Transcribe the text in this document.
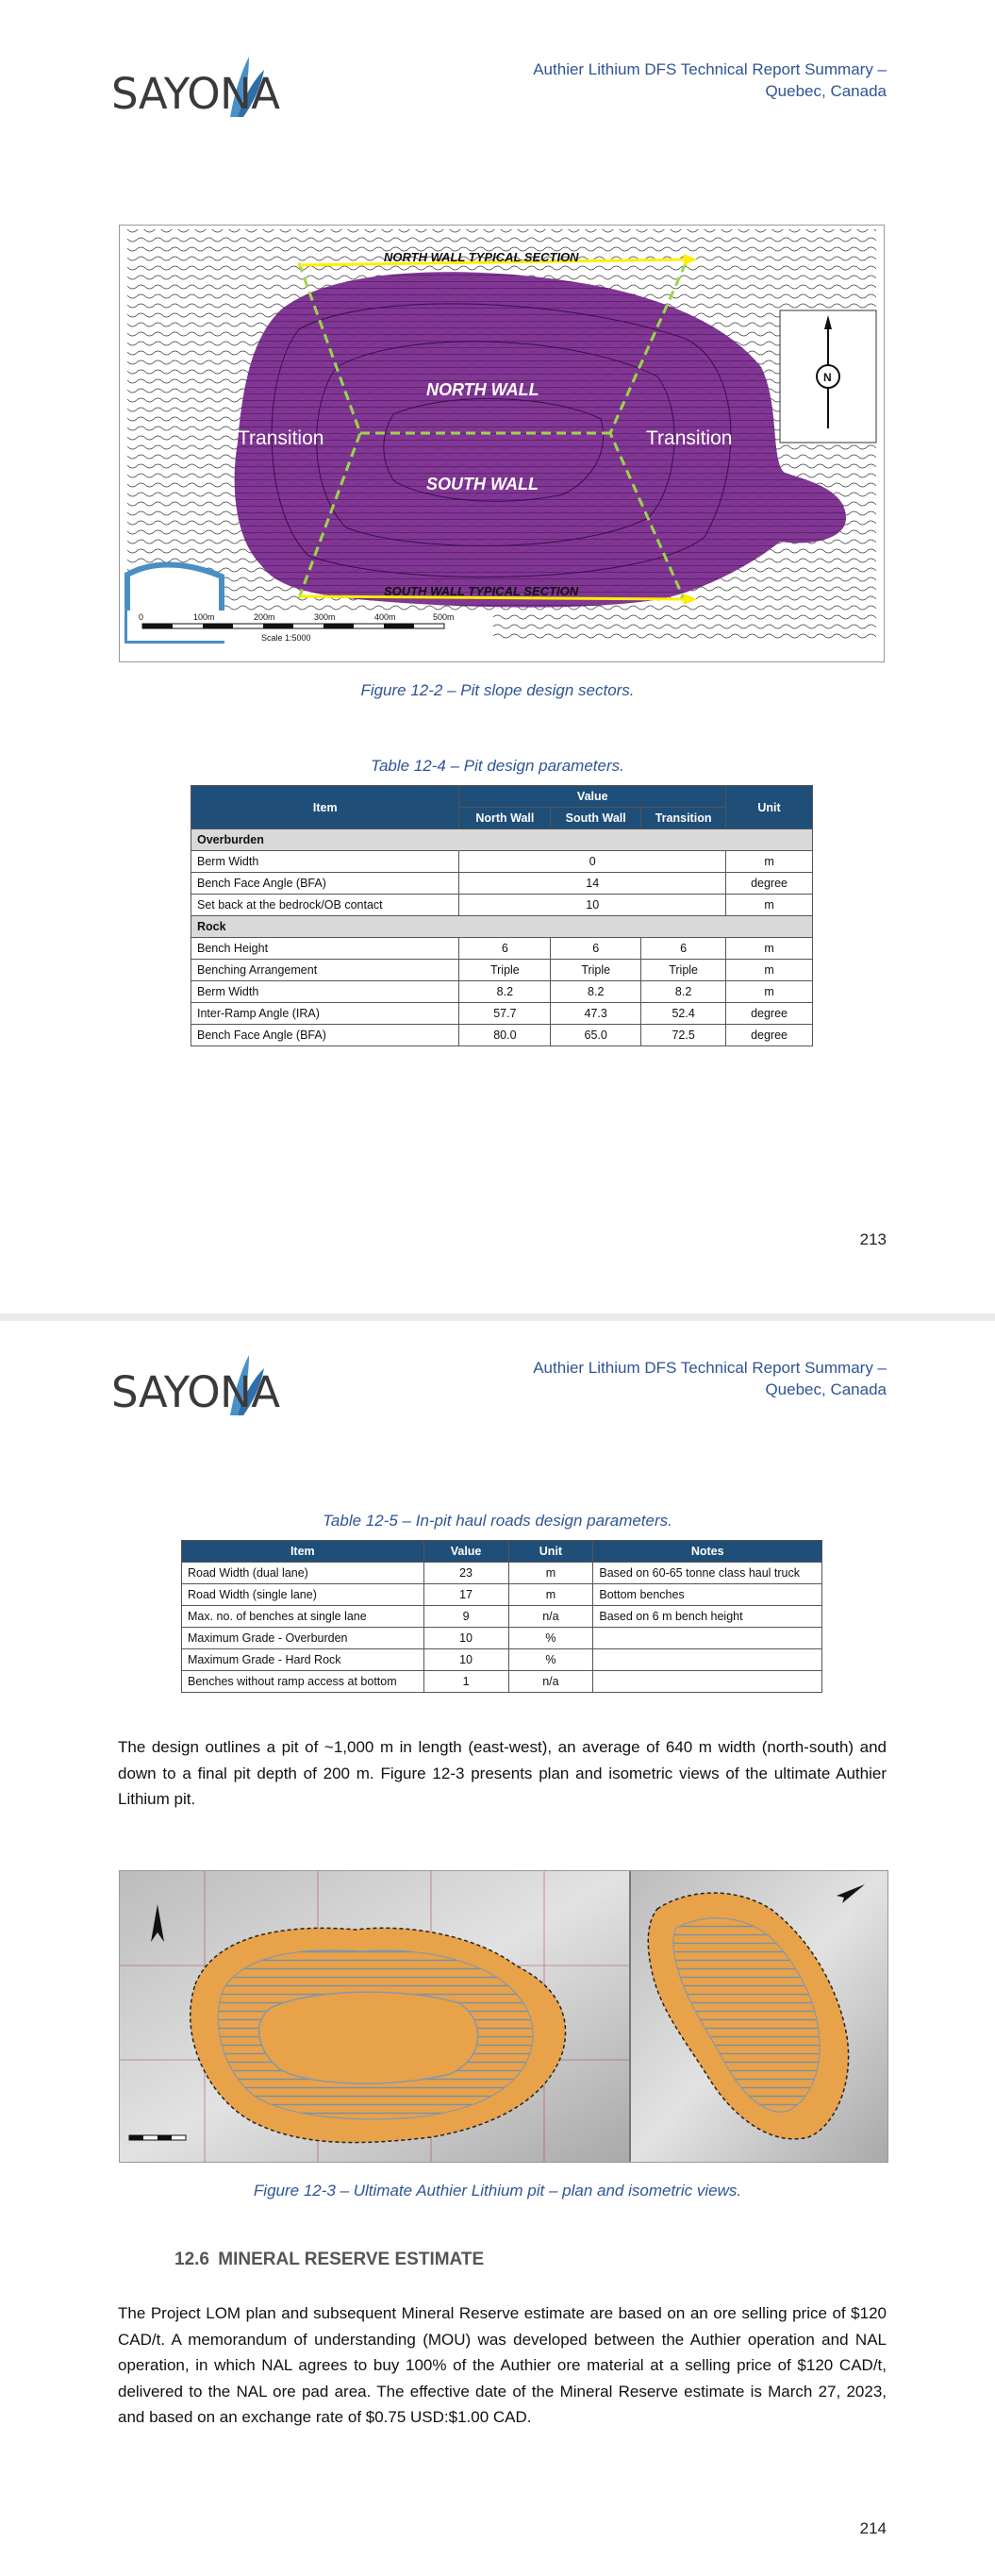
SAYONA	Authier Lithium DFS Technical Report Summary –
Quebec, Canada
NORTH WALL TYPICAL SECTION
SOUTH WALL TYPICAL SECTION
NORTH WALL
SOUTH WALL
Transition	Transition
N
0	100m	200m	300m	400m	500m
Scale 1:5000
Figure 12-2 – Pit slope design sectors.
Table 12-4 – Pit design parameters.
Item	Value			Unit
	North Wall	South Wall	Transition	
Overburden				
Berm Width	0			m
Bench Face Angle (BFA)	14			degree
Set back at the bedrock/OB contact	10			m
Rock				
Bench Height	6	6	6	m
Benching Arrangement	Triple	Triple	Triple	m
Berm Width	8.2	8.2	8.2	m
Inter-Ramp Angle (IRA)	57.7	47.3	52.4	degree
Bench Face Angle (BFA)	80.0	65.0	72.5	degree
213
SAYONA	Authier Lithium DFS Technical Report Summary –
Quebec, Canada
Table 12-5 – In-pit haul roads design parameters.
Item	Value	Unit	Notes
Road Width (dual lane)	23	m	Based on 60-65 tonne class haul truck
Road Width (single lane)	17	m	Bottom benches
Max. no. of benches at single lane	9	n/a	Based on 6 m bench height
Maximum Grade - Overburden	10	%	
Maximum Grade - Hard Rock	10	%	
Benches without ramp access at bottom	1	n/a	
The design outlines a pit of ~1,000 m in length (east-west), an average of 640 m width (north-south) and down to a final pit depth of 200 m. Figure 12-3 presents plan and isometric views of the ultimate Authier Lithium pit.
Figure 12-3 – Ultimate Authier Lithium pit – plan and isometric views.
12.6 MINERAL RESERVE ESTIMATE
The Project LOM plan and subsequent Mineral Reserve estimate are based on an ore selling price of $120 CAD/t. A memorandum of understanding (MOU) was developed between the Authier operation and NAL operation, in which NAL agrees to buy 100% of the Authier ore material at a selling price of $120 CAD/t, delivered to the NAL ore pad area. The effective date of the Mineral Reserve estimate is March 27, 2023, and based on an exchange rate of $0.75 USD:$1.00 CAD.
214
